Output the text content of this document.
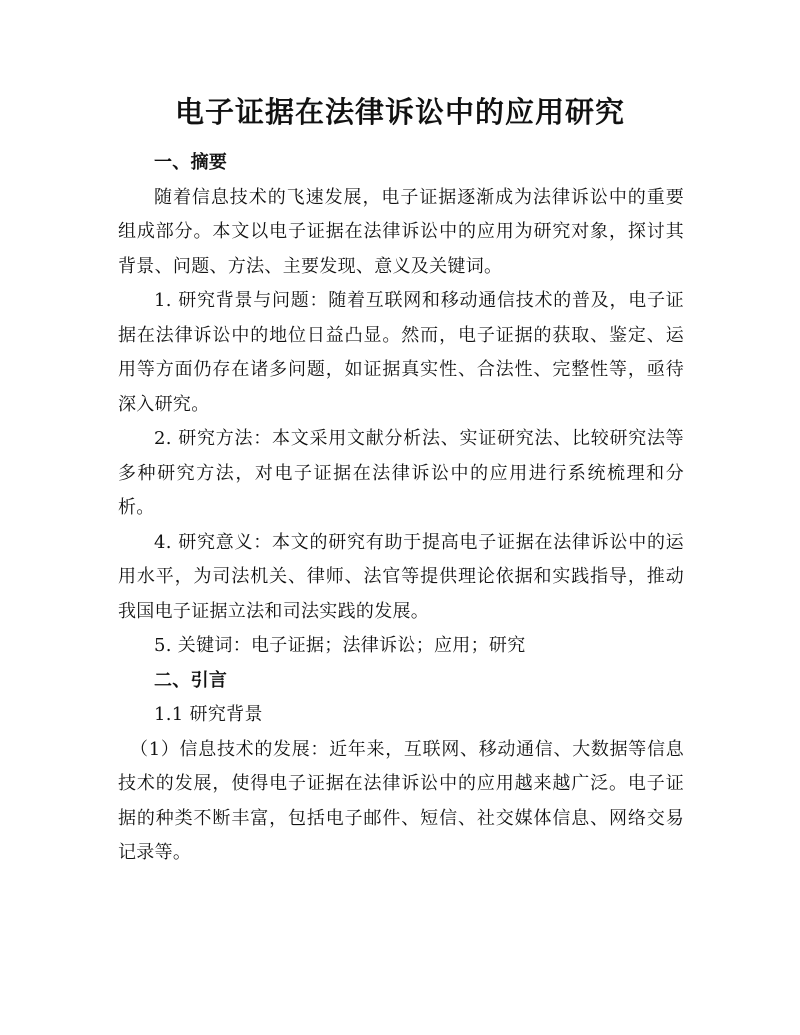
电子证据在法律诉讼中的应用研究

一、摘要

随着信息技术的飞速发展，电子证据逐渐成为法律诉讼中的重要组成部分。本文以电子证据在法律诉讼中的应用为研究对象，探讨其背景、问题、方法、主要发现、意义及关键词。

1. 研究背景与问题：随着互联网和移动通信技术的普及，电子证据在法律诉讼中的地位日益凸显。然而，电子证据的获取、鉴定、运用等方面仍存在诸多问题，如证据真实性、合法性、完整性等，亟待深入研究。

2. 研究方法：本文采用文献分析法、实证研究法、比较研究法等多种研究方法，对电子证据在法律诉讼中的应用进行系统梳理和分析。

4. 研究意义：本文的研究有助于提高电子证据在法律诉讼中的运用水平，为司法机关、律师、法官等提供理论依据和实践指导，推动我国电子证据立法和司法实践的发展。

5. 关键词：电子证据；法律诉讼；应用；研究

二、引言

1.1 研究背景

（1）信息技术的发展：近年来，互联网、移动通信、大数据等信息技术的发展，使得电子证据在法律诉讼中的应用越来越广泛。电子证据的种类不断丰富，包括电子邮件、短信、社交媒体信息、网络交易记录等。
